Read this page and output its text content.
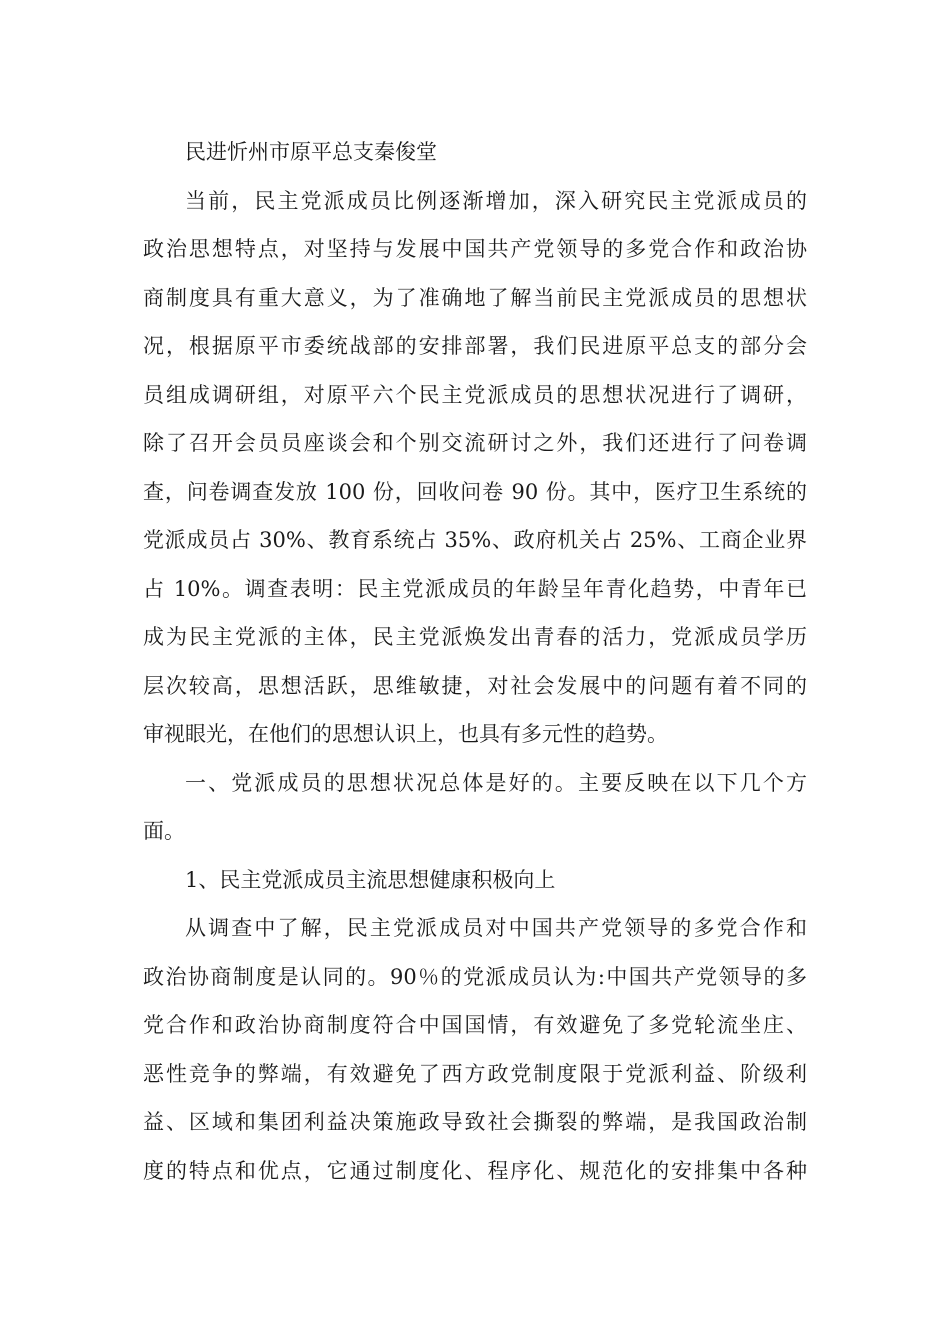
民进忻州市原平总支秦俊堂
当前，民主党派成员比例逐渐增加，深入研究民主党派成员的
政治思想特点，对坚持与发展中国共产党领导的多党合作和政治协
商制度具有重大意义，为了准确地了解当前民主党派成员的思想状
况，根据原平市委统战部的安排部署，我们民进原平总支的部分会
员组成调研组，对原平六个民主党派成员的思想状况进行了调研，
除了召开会员员座谈会和个别交流研讨之外，我们还进行了问卷调
查，问卷调查发放 100 份，回收问卷 90 份。其中，医疗卫生系统的
党派成员占 30%、教育系统占 35%、政府机关占 25%、工商企业界
占 10%。调查表明：民主党派成员的年龄呈年青化趋势，中青年已
成为民主党派的主体，民主党派焕发出青春的活力，党派成员学历
层次较高，思想活跃，思维敏捷，对社会发展中的问题有着不同的
审视眼光，在他们的思想认识上，也具有多元性的趋势。
一、党派成员的思想状况总体是好的。主要反映在以下几个方
面。
1、民主党派成员主流思想健康积极向上
从调查中了解，民主党派成员对中国共产党领导的多党合作和
政治协商制度是认同的。90％的党派成员认为:中国共产党领导的多
党合作和政治协商制度符合中国国情，有效避免了多党轮流坐庄、
恶性竞争的弊端，有效避免了西方政党制度限于党派利益、阶级利
益、区域和集团利益决策施政导致社会撕裂的弊端，是我国政治制
度的特点和优点，它通过制度化、程序化、规范化的安排集中各种
